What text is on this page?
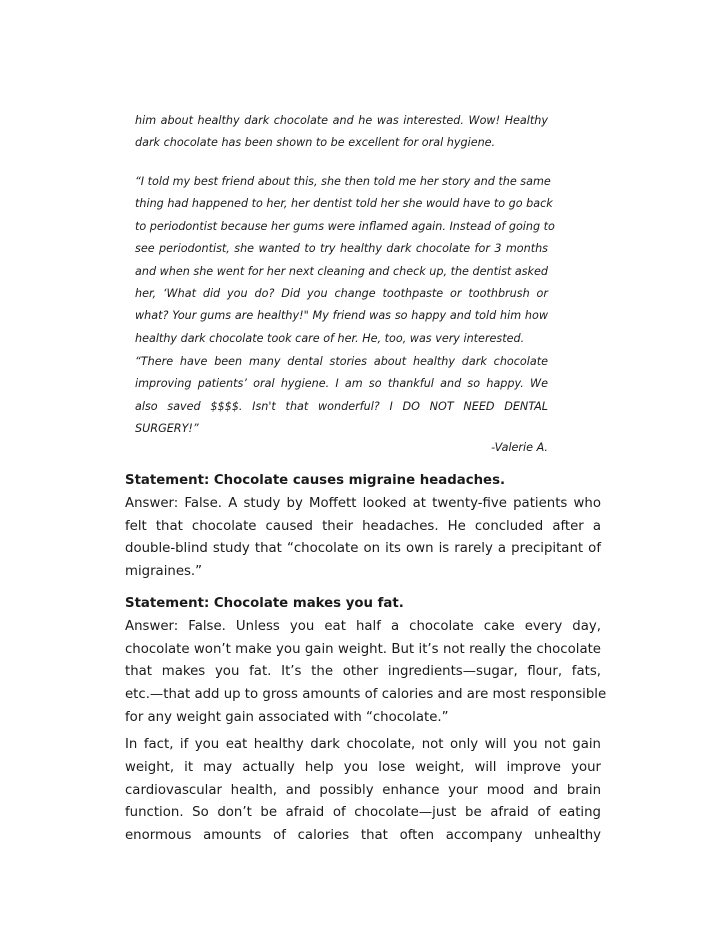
him about healthy dark chocolate and he was interested. Wow! Healthy
dark chocolate has been shown to be excellent for oral hygiene.
“I told my best friend about this, she then told me her story and the same
thing had happened to her, her dentist told her she would have to go back
to periodontist because her gums were inflamed again. Instead of going to
see periodontist, she wanted to try healthy dark chocolate for 3 months
and when she went for her next cleaning and check up, the dentist asked
her, ‘What did you do? Did you change toothpaste or toothbrush or
what? Your gums are healthy!" My friend was so happy and told him how
healthy dark chocolate took care of her. He, too, was very interested.
“There have been many dental stories about healthy dark chocolate
improving patients’ oral hygiene. I am so thankful and so happy. We
also saved $$$$. Isn't that wonderful? I DO NOT NEED DENTAL
SURGERY!”
-Valerie A.
Statement: Chocolate causes migraine headaches.
Answer: False. A study by Moffett looked at twenty-five patients who
felt that chocolate caused their headaches. He concluded after a
double-blind study that “chocolate on its own is rarely a precipitant of
migraines.”
Statement: Chocolate makes you fat.
Answer: False. Unless you eat half a chocolate cake every day,
chocolate won’t make you gain weight. But it’s not really the chocolate
that makes you fat. It’s the other ingredients—sugar, flour, fats,
etc.—that add up to gross amounts of calories and are most responsible
for any weight gain associated with “chocolate.”
In fact, if you eat healthy dark chocolate, not only will you not gain
weight, it may actually help you lose weight, will improve your
cardiovascular health, and possibly enhance your mood and brain
function. So don’t be afraid of chocolate—just be afraid of eating
enormous amounts of calories that often accompany unhealthy
